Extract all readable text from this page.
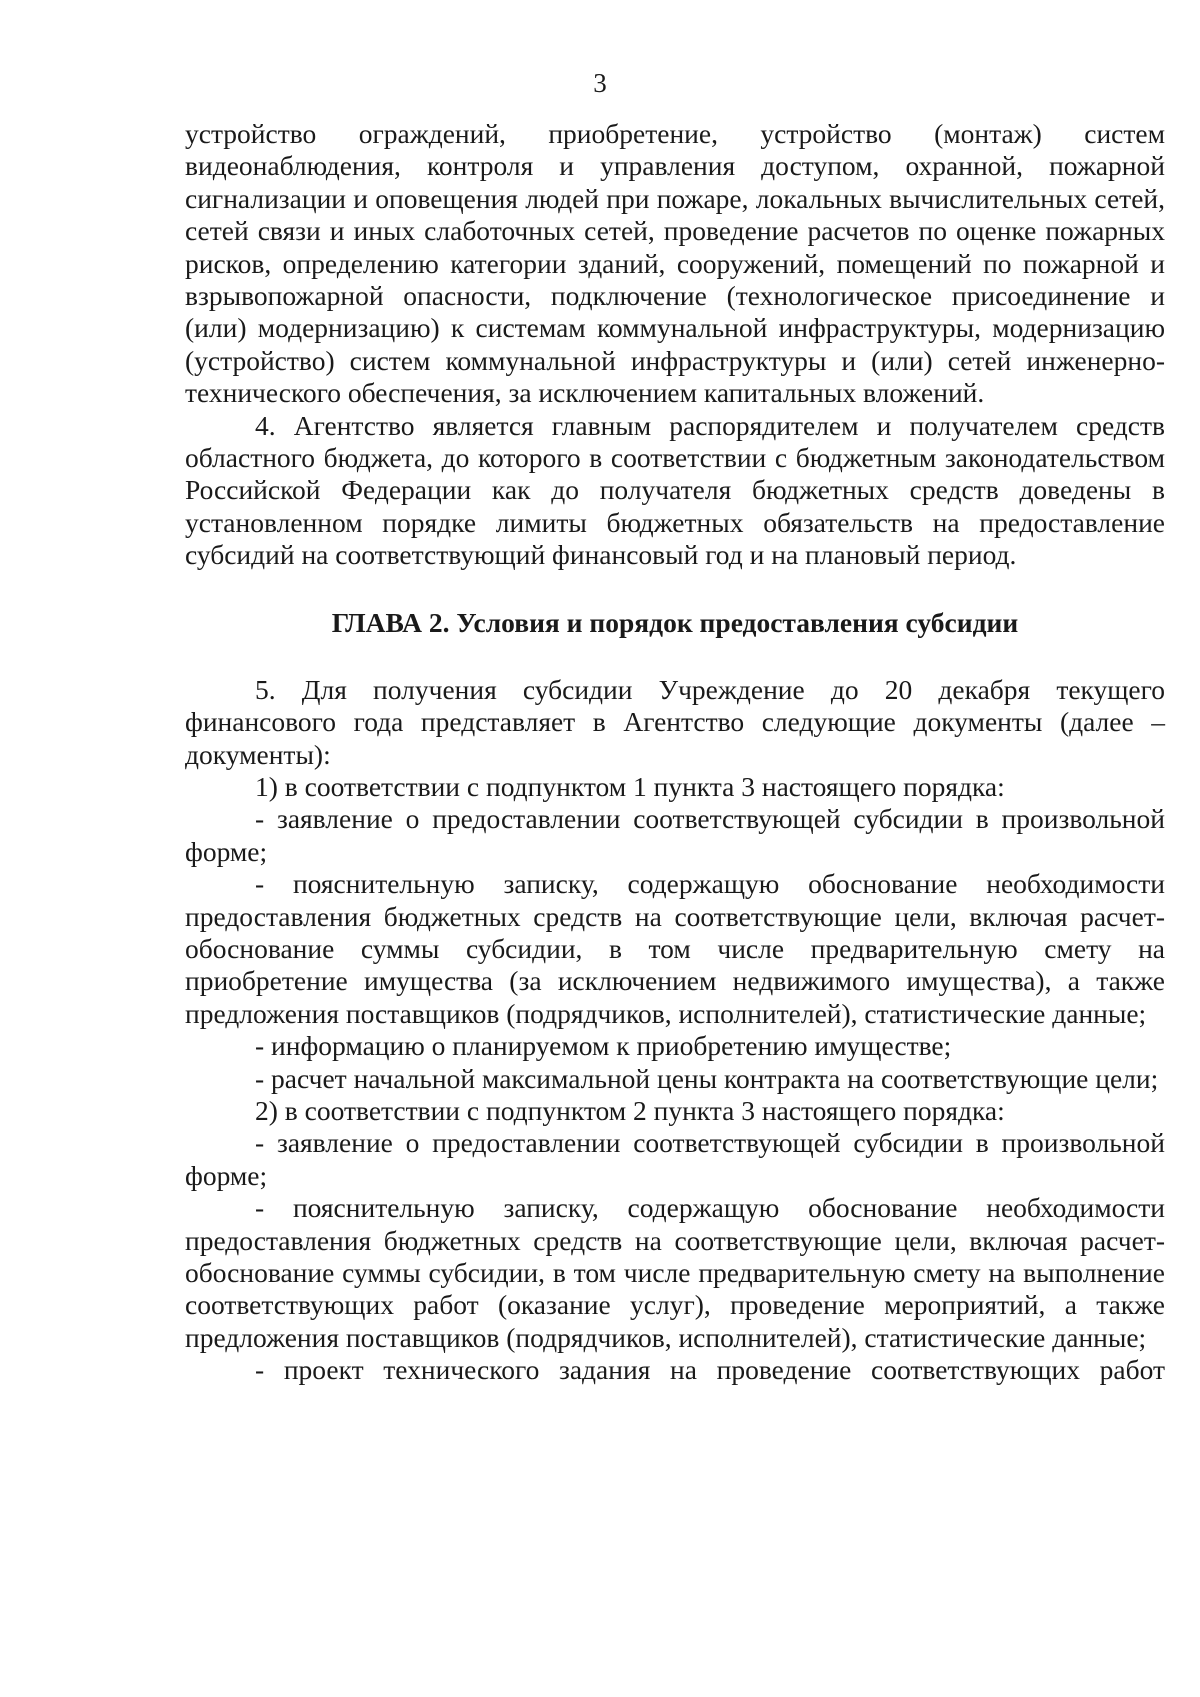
3

устройство ограждений, приобретение, устройство (монтаж) систем видеонаблюдения, контроля и управления доступом, охранной, пожарной сигнализации и оповещения людей при пожаре, локальных вычислительных сетей, сетей связи и иных слаботочных сетей, проведение расчетов по оценке пожарных рисков, определению категории зданий, сооружений, помещений по пожарной и взрывопожарной опасности, подключение (технологическое присоединение и (или) модернизацию) к системам коммунальной инфраструктуры, модернизацию (устройство) систем коммунальной инфраструктуры и (или) сетей инженерно-технического обеспечения, за исключением капитальных вложений.

4. Агентство является главным распорядителем и получателем средств областного бюджета, до которого в соответствии с бюджетным законодательством Российской Федерации как до получателя бюджетных средств доведены в установленном порядке лимиты бюджетных обязательств на предоставление субсидий на соответствующий финансовый год и на плановый период.

ГЛАВА 2. Условия и порядок предоставления субсидии

5. Для получения субсидии Учреждение до 20 декабря текущего финансового года представляет в Агентство следующие документы (далее – документы):

1) в соответствии с подпунктом 1 пункта 3 настоящего порядка:

- заявление о предоставлении соответствующей субсидии в произвольной форме;

- пояснительную записку, содержащую обоснование необходимости предоставления бюджетных средств на соответствующие цели, включая расчет-обоснование суммы субсидии, в том числе предварительную смету на приобретение имущества (за исключением недвижимого имущества), а также предложения поставщиков (подрядчиков, исполнителей), статистические данные;

- информацию о планируемом к приобретению имуществе;

- расчет начальной максимальной цены контракта на соответствующие цели;

2) в соответствии с подпунктом 2 пункта 3 настоящего порядка:

- заявление о предоставлении соответствующей субсидии в произвольной форме;

- пояснительную записку, содержащую обоснование необходимости предоставления бюджетных средств на соответствующие цели, включая расчет-обоснование суммы субсидии, в том числе предварительную смету на выполнение соответствующих работ (оказание услуг), проведение мероприятий, а также предложения поставщиков (подрядчиков, исполнителей), статистические данные;

- проект технического задания на проведение соответствующих работ
